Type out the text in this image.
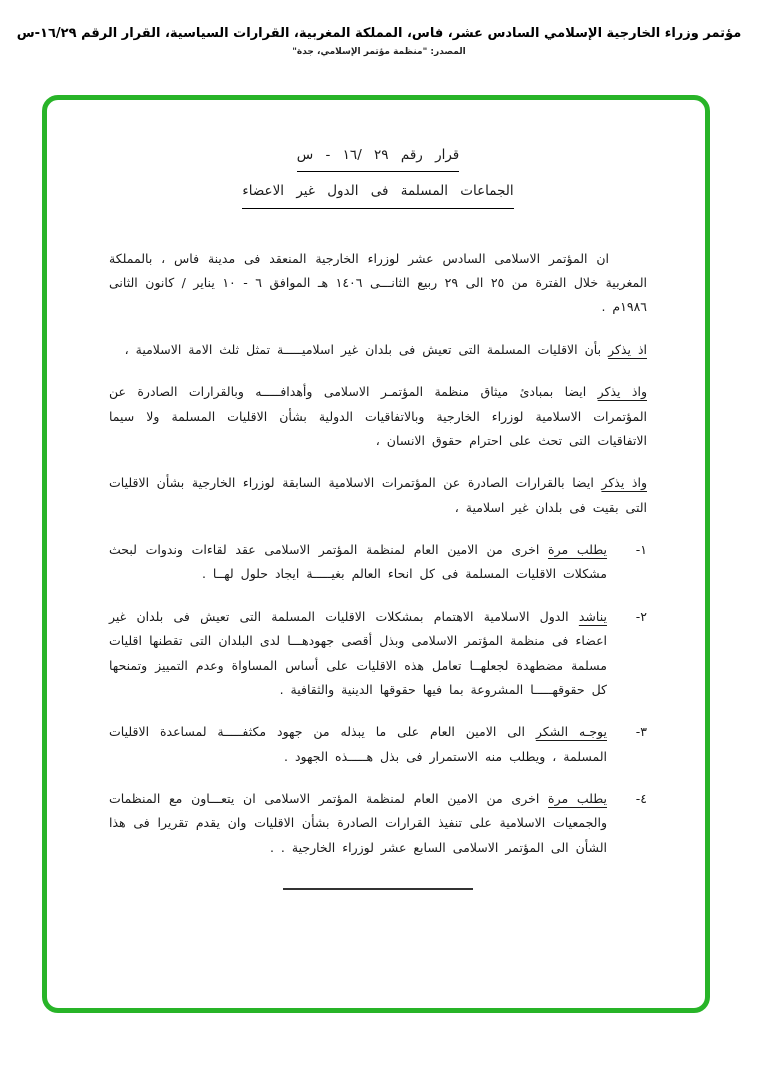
مؤتمر وزراء الخارجية الإسلامي السادس عشر، فاس، المملكة المغربية، القرارات السياسية، القرار الرقم ١٦/٢٩-س
المصدر: "منظمة مؤتمر الإسلامي، جدة"
قرار رقم ٢٩ /١٦ - س
الجماعات المسلمة فى الدول غير الاعضاء

ان المؤتمر الاسلامى السادس عشر لوزراء الخارجية المنعقد فى مدينة فاس ، بالمملكة المغربية خلال الفترة من ٢٥ الى ٢٩ ربيع الثانـــى ١٤٠٦ هـ الموافق ٦ - ١٠ يناير / كانون الثانى ١٩٨٦م .

اذ يذكر بأن الاقليات المسلمة التى تعيش فى بلدان غير اسلاميـــــة تمثل ثلث الامة الاسلامية ،

واذ يذكر ايضا بمبادئ ميثاق منظمة المؤتمـر الاسلامى وأهدافـــــه وبالقرارات الصادرة عن المؤتمرات الاسلامية لوزراء الخارجية وبالاتفاقيات الدولية بشأن الاقليات المسلمة ولا سيما الاتفاقيات التى تحث على احترام حقوق الانسان ،

واذ يذكر ايضا بالقرارات الصادرة عن المؤتمرات الاسلامية السابقة لوزراء الخارجية بشأن الاقليات التى بقيت فى بلدان غير اسلامية ،

١-

يطلب مرة اخرى من الامين العام لمنظمة المؤتمر الاسلامى عقد لقاءات وندوات لبحث مشكلات الاقليات المسلمة فى كل انحاء العالم بغيـــــة ايجاد حلول لهــا .

٢-

يناشد الدول الاسلامية الاهتمام بمشكلات الاقليات المسلمة التى تعيش فى بلدان غير اعضاء فى منظمة المؤتمر الاسلامى وبذل أقصى جهودهـــا لدى البلدان التى تقطنها اقليات مسلمة مضطهدة لجعلهــا تعامل هذه الاقليات على أساس المساواة وعدم التمييز وتمنحها كل حقوقهـــــا المشروعة بما فيها حقوقها الدينية والثقافية .

٣-

يوجـه الشكر الى الامين العام على ما يبذله من جهود مكثفـــــة لمساعدة الاقليات المسلمة ، ويطلب منه الاستمرار فى بذل هـــــذه الجهود .

٤-

يطلب مرة اخرى من الامين العام لمنظمة المؤتمر الاسلامى ان يتعـــاون مع المنظمات والجمعيات الاسلامية على تنفيذ القرارات الصادرة بشأن الاقليات وان يقدم تقريرا فى هذا الشأن الى المؤتمر الاسلامى السابع عشر لوزراء الخارجية . .
